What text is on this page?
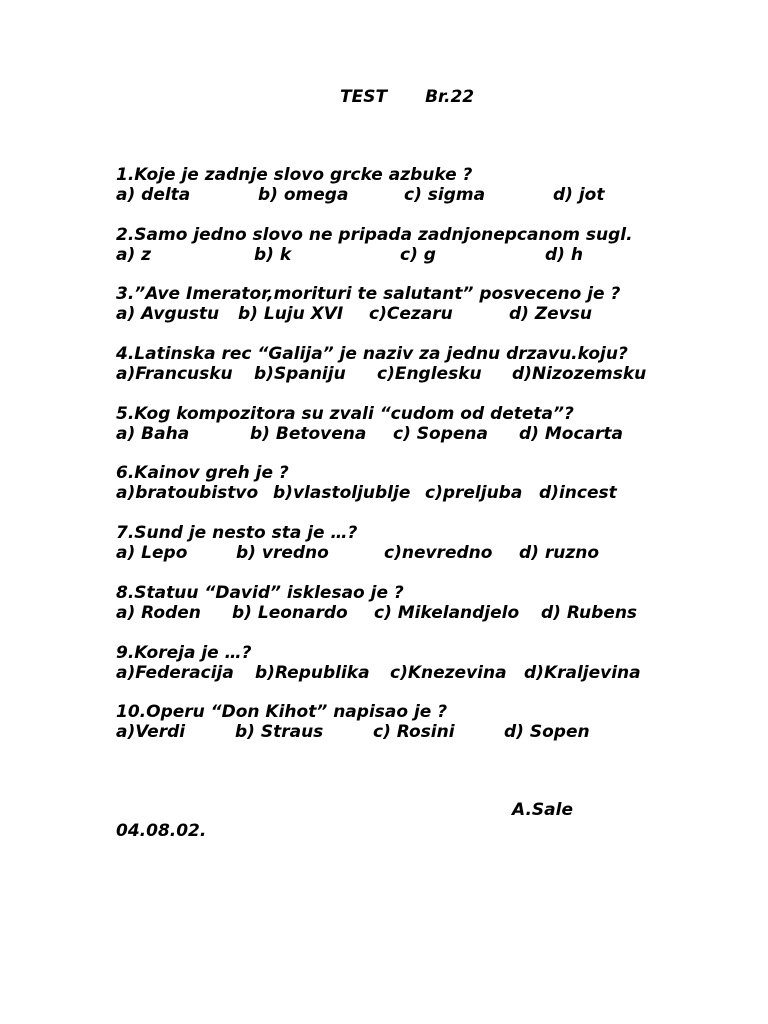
TEST Br.22
1.Koje je zadnje slovo grcke azbuke ?

a) delta

	b) omega

	c) sigma

	d) jot

2.Samo jedno slovo ne pripada zadnjonepcanom sugl.

a) z

	b) k

	c) g

	d) h

3.”Ave Imerator,morituri te salutant” posveceno je ?

a) Avgustu

b) Luju XVI

c)Cezaru

	d) Zevsu

4.Latinska rec “Galija” je naziv za jednu drzavu.koju?

a)Francusku

b)Spaniju

c)Englesku

d)Nizozemsku

5.Kog kompozitora su zvali “cudom od deteta”?

a) Baha

	b) Betovena

c) Sopena

d) Mocarta

6.Kainov greh je ?

a)bratoubistvo

b)vlastoljublje

c)preljuba

d)incest

7.Sund je nesto sta je …?

a) Lepo

	b) vredno

	c)nevredno

d) ruzno

8.Statuu “David” isklesao je ?

a) Roden

b) Leonardo

c) Mikelandjelo

d) Rubens

9.Koreja je …?

a)Federacija

b)Republika

c)Knezevina

d)Kraljevina

10.Operu “Don Kihot” napisao je ?

a)Verdi

	b) Straus

	c) Rosini

	d) Sopen

A.Sale
04.08.02.
